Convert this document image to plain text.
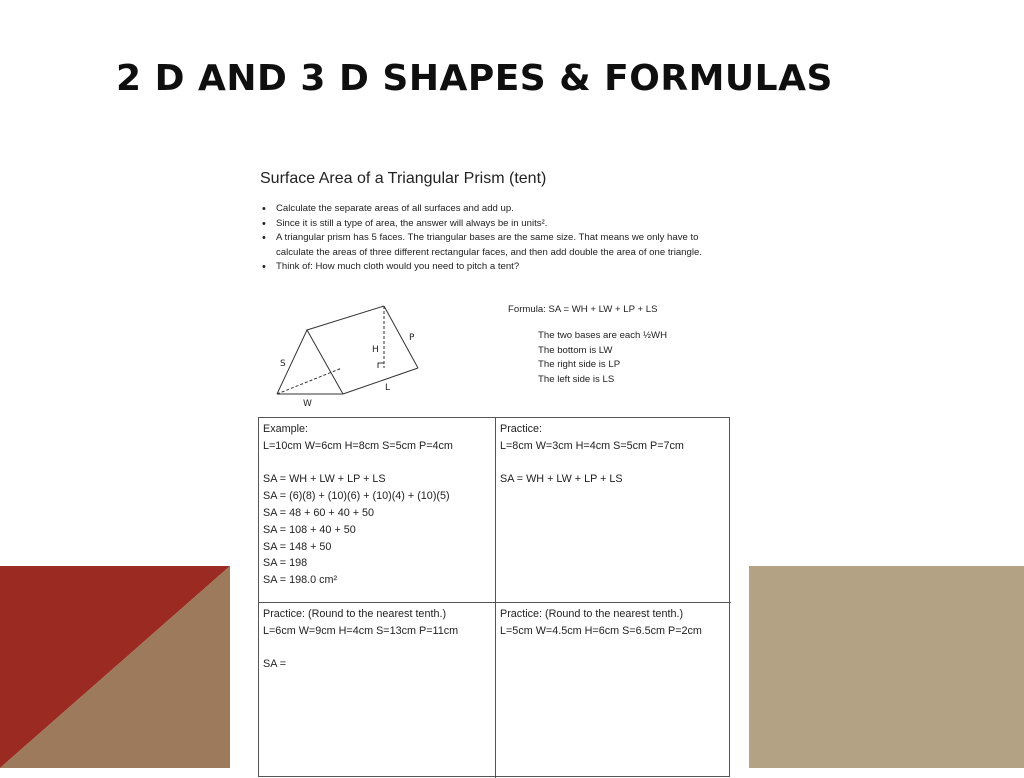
2 D AND 3 D SHAPES & FORMULAS
Surface Area of a Triangular Prism (tent)
• Calculate the separate areas of all surfaces and add up.
• Since it is still a type of area, the answer will always be in units².
• A triangular prism has 5 faces. The triangular bases are the same size. That means we only have to calculate the areas of three different rectangular faces, and then add double the area of one triangle.
• Think of: How much cloth would you need to pitch a tent?
P
H
S
L
W
Formula: SA = WH + LW + LP + LS
The two bases are each ½WH
The bottom is LW
The right side is LP
The left side is LS
Example:
L=10cm W=6cm H=8cm S=5cm P=4cm
SA = WH + LW + LP + LS
SA = (6)(8) + (10)(6) + (10)(4) + (10)(5)
SA = 48 + 60 + 40 + 50
SA = 108 + 40 + 50
SA = 148 + 50
SA = 198
SA = 198.0 cm²
Practice:
L=8cm W=3cm H=4cm S=5cm P=7cm
SA = WH + LW + LP + LS
Practice: (Round to the nearest tenth.)
L=6cm W=9cm H=4cm S=13cm P=11cm
SA =
Practice: (Round to the nearest tenth.)
L=5cm W=4.5cm H=6cm S=6.5cm P=2cm
